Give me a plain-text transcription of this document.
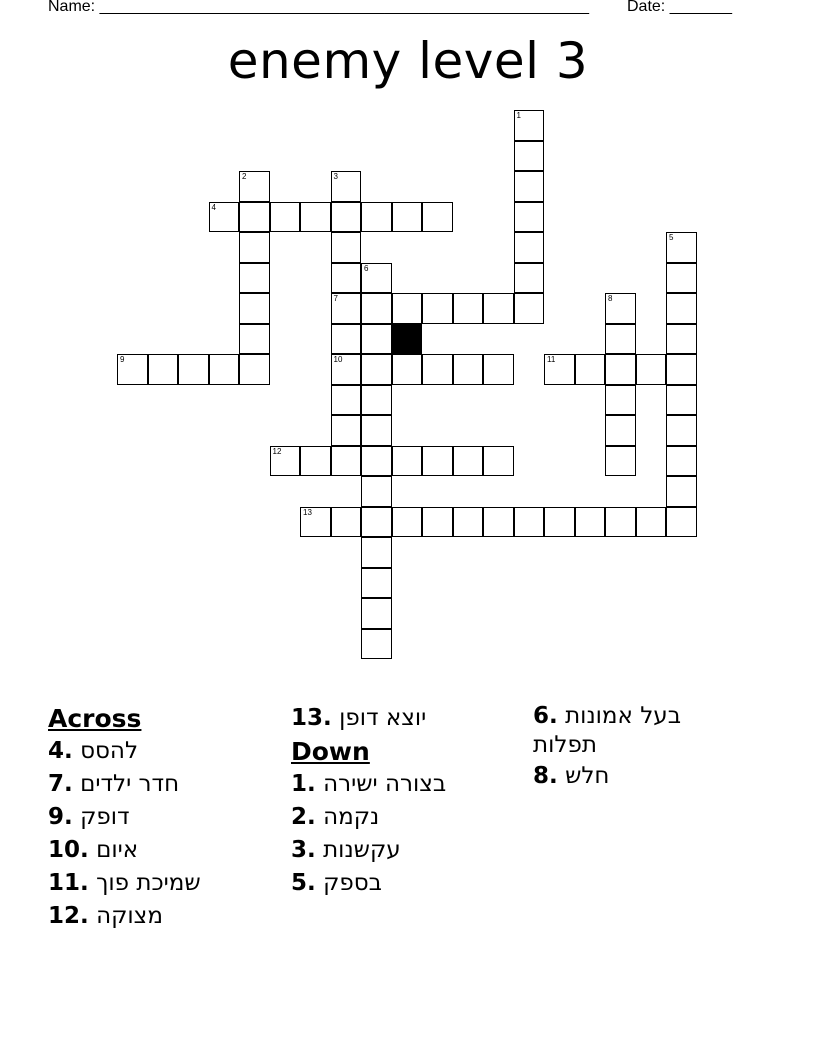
Name: _______________________________________________________ Date: _______
enemy level 3
1
2	3
7
10
4
5
6
8
9	11
12
13
Across
4. להסס
7. חדר ילדים
9. דופק
10. איום
11. שמיכת פוך
12. מצוקה
13. יוצא דופן
Down
1. בצורה ישירה
2. נקמה
3. עקשנות
5. בספק
6. בעל אמונות תפלות
8. חלש
